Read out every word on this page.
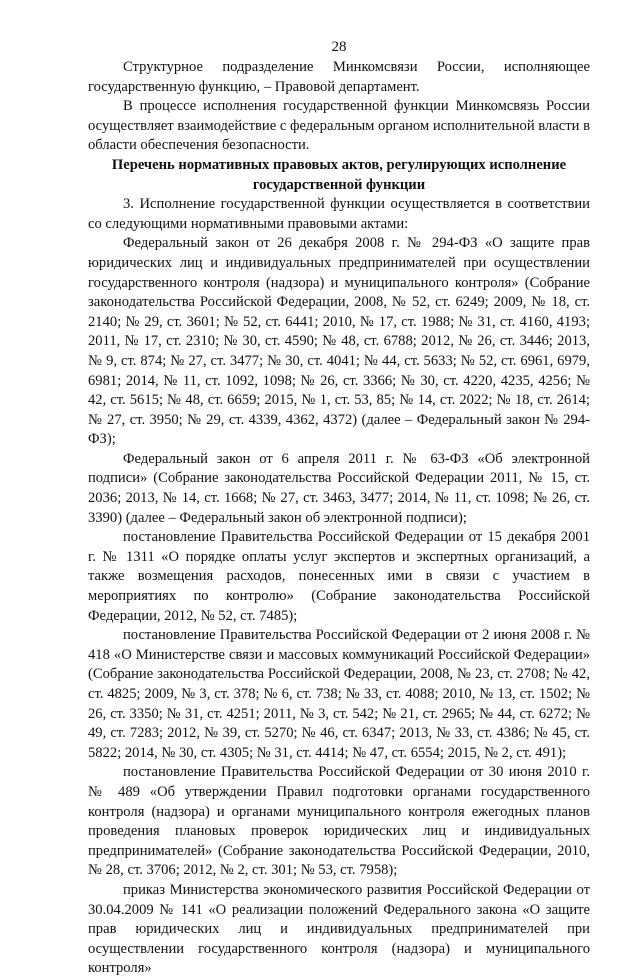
28

Структурное подразделение Минкомсвязи России, исполняющее государственную функцию, – Правовой департамент.

В процессе исполнения государственной функции Минкомсвязь России осуществляет взаимодействие с федеральным органом исполнительной власти в области обеспечения безопасности.

Перечень нормативных правовых актов, регулирующих исполнение государственной функции

3. Исполнение государственной функции осуществляется в соответствии со следующими нормативными правовыми актами:

Федеральный закон от 26 декабря 2008 г. № 294-ФЗ «О защите прав юридических лиц и индивидуальных предпринимателей при осуществлении государственного контроля (надзора) и муниципального контроля» (Собрание законодательства Российской Федерации, 2008, № 52, ст. 6249; 2009, № 18, ст. 2140; № 29, ст. 3601; № 52, ст. 6441; 2010, № 17, ст. 1988; № 31, ст. 4160, 4193; 2011, № 17, ст. 2310; № 30, ст. 4590; № 48, ст. 6788; 2012, № 26, ст. 3446; 2013, № 9, ст. 874; № 27, ст. 3477; № 30, ст. 4041; № 44, ст. 5633; № 52, ст. 6961, 6979, 6981; 2014, № 11, ст. 1092, 1098; № 26, ст. 3366; № 30, ст. 4220, 4235, 4256; № 42, ст. 5615; № 48, ст. 6659; 2015, № 1, ст. 53, 85; № 14, ст. 2022; № 18, ст. 2614; № 27, ст. 3950; № 29, ст. 4339, 4362, 4372) (далее – Федеральный закон № 294-ФЗ);

Федеральный закон от 6 апреля 2011 г. № 63-ФЗ «Об электронной подписи» (Собрание законодательства Российской Федерации 2011, № 15, ст. 2036; 2013, № 14, ст. 1668; № 27, ст. 3463, 3477; 2014, № 11, ст. 1098; № 26, ст. 3390) (далее – Федеральный закон об электронной подписи);

постановление Правительства Российской Федерации от 15 декабря 2001 г. № 1311 «О порядке оплаты услуг экспертов и экспертных организаций, а также возмещения расходов, понесенных ими в связи с участием в мероприятиях по контролю» (Собрание законодательства Российской Федерации, 2012, № 52, ст. 7485);

постановление Правительства Российской Федерации от 2 июня 2008 г. № 418 «О Министерстве связи и массовых коммуникаций Российской Федерации» (Собрание законодательства Российской Федерации, 2008, № 23, ст. 2708; № 42, ст. 4825; 2009, № 3, ст. 378; № 6, ст. 738; № 33, ст. 4088; 2010, № 13, ст. 1502; № 26, ст. 3350; № 31, ст. 4251; 2011, № 3, ст. 542; № 21, ст. 2965; № 44, ст. 6272; № 49, ст. 7283; 2012, № 39, ст. 5270; № 46, ст. 6347; 2013, № 33, ст. 4386; № 45, ст. 5822; 2014, № 30, ст. 4305; № 31, ст. 4414; № 47, ст. 6554; 2015, № 2, ст. 491);

постановление Правительства Российской Федерации от 30 июня 2010 г. № 489 «Об утверждении Правил подготовки органами государственного контроля (надзора) и органами муниципального контроля ежегодных планов проведения плановых проверок юридических лиц и индивидуальных предпринимателей» (Собрание законодательства Российской Федерации, 2010, № 28, ст. 3706; 2012, № 2, ст. 301; № 53, ст. 7958);

приказ Министерства экономического развития Российской Федерации от 30.04.2009 № 141 «О реализации положений Федерального закона «О защите прав юридических лиц и индивидуальных предпринимателей при осуществлении государственного контроля (надзора) и муниципального контроля»
